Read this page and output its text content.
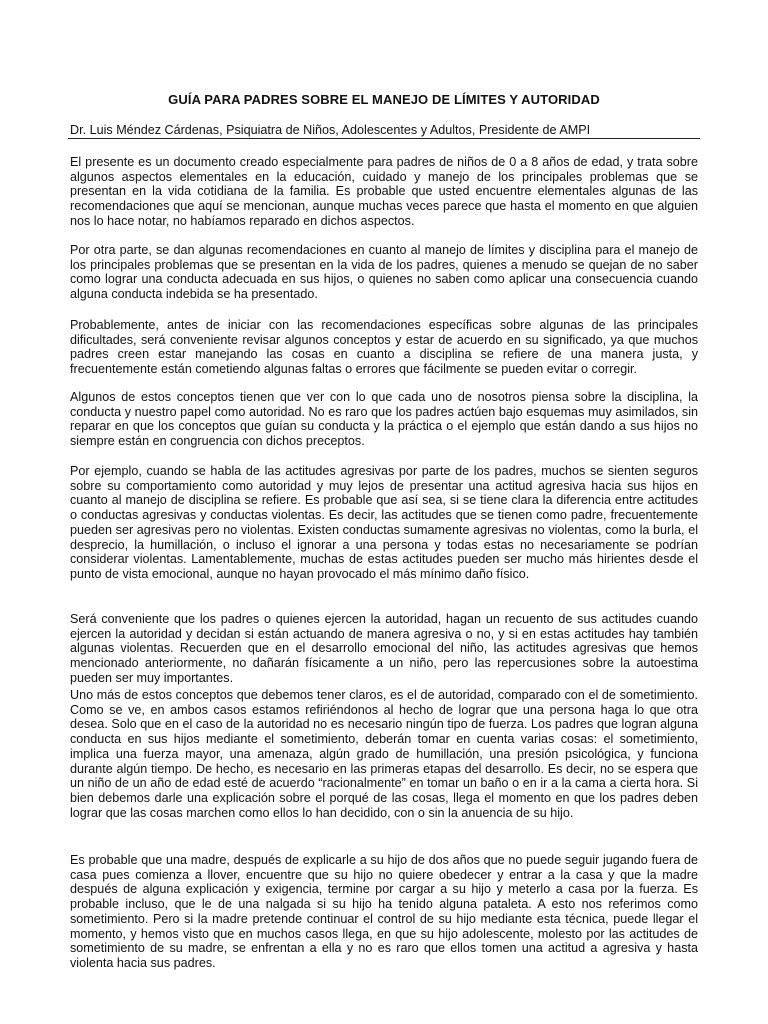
GUÍA PARA PADRES SOBRE EL MANEJO DE LÍMITES Y AUTORIDAD
Dr. Luis Méndez Cárdenas, Psiquiatra de Niños, Adolescentes y Adultos, Presidente de AMPI

El presente es un documento creado especialmente para padres de niños de 0 a 8 años de edad, y trata sobre algunos aspectos elementales en la educación, cuidado y manejo de los principales problemas que se presentan en la vida cotidiana de la familia. Es probable que usted encuentre elementales algunas de las recomendaciones que aquí se mencionan, aunque muchas veces parece que hasta el momento en que alguien nos lo hace notar, no habíamos reparado en dichos aspectos.

Por otra parte, se dan algunas recomendaciones en cuanto al manejo de límites y disciplina para el manejo de los principales problemas que se presentan en la vida de los padres, quienes a menudo se quejan de no saber como lograr una conducta adecuada en sus hijos, o quienes no saben como aplicar una consecuencia cuando alguna conducta indebida se ha presentado.

Probablemente, antes de iniciar con las recomendaciones específicas sobre algunas de las principales dificultades, será conveniente revisar algunos conceptos y estar de acuerdo en su significado, ya que muchos padres creen estar manejando las cosas en cuanto a disciplina se refiere de una manera justa, y frecuentemente están cometiendo algunas faltas o errores que fácilmente se pueden evitar o corregir.

Algunos de estos conceptos tienen que ver con lo que cada uno de nosotros piensa sobre la disciplina, la conducta y nuestro papel como autoridad. No es raro que los padres actúen bajo esquemas muy asimilados, sin reparar en que los conceptos que guían su conducta y la práctica o el ejemplo que están dando a sus hijos no siempre están en congruencia con dichos preceptos.

Por ejemplo, cuando se habla de las actitudes agresivas por parte de los padres, muchos se sienten seguros sobre su comportamiento como autoridad y muy lejos de presentar una actitud agresiva hacia sus hijos en cuanto al manejo de disciplina se refiere. Es probable que así sea, si se tiene clara la diferencia entre actitudes o conductas agresivas y conductas violentas. Es decir, las actitudes que se tienen como padre, frecuentemente pueden ser agresivas pero no violentas. Existen conductas sumamente agresivas no violentas, como la burla, el desprecio, la humillación, o incluso el ignorar a una persona y todas estas no necesariamente se podrían considerar violentas. Lamentablemente, muchas de estas actitudes pueden ser mucho más hirientes desde el punto de vista emocional, aunque no hayan provocado el más mínimo daño físico.

Será conveniente que los padres o quienes ejercen la autoridad, hagan un recuento de sus actitudes cuando ejercen la autoridad y decidan si están actuando de manera agresiva o no, y si en estas actitudes hay también algunas violentas. Recuerden que en el desarrollo emocional del niño, las actitudes agresivas que hemos mencionado anteriormente, no dañarán físicamente a un niño, pero las repercusiones sobre la autoestima pueden ser muy importantes.

Uno más de estos conceptos que debemos tener claros, es el de autoridad, comparado con el de sometimiento. Como se ve, en ambos casos estamos refiriéndonos al hecho de lograr que una persona haga lo que otra desea. Solo que en el caso de la autoridad no es necesario ningún tipo de fuerza. Los padres que logran alguna conducta en sus hijos mediante el sometimiento, deberán tomar en cuenta varias cosas: el sometimiento, implica una fuerza mayor, una amenaza, algún grado de humillación, una presión psicológica, y funciona durante algún tiempo. De hecho, es necesario en las primeras etapas del desarrollo. Es decir, no se espera que un niño de un año de edad esté de acuerdo “racionalmente” en tomar un baño o en ir a la cama a cierta hora. Si bien debemos darle una explicación sobre el porqué de las cosas, llega el momento en que los padres deben lograr que las cosas marchen como ellos lo han decidido, con o sin la anuencia de su hijo.

Es probable que una madre, después de explicarle a su hijo de dos años que no puede seguir jugando fuera de casa pues comienza a llover, encuentre que su hijo no quiere obedecer y entrar a la casa y que la madre después de alguna explicación y exigencia, termine por cargar a su hijo y meterlo a casa por la fuerza. Es probable incluso, que le de una nalgada si su hijo ha tenido alguna pataleta. A esto nos referimos como sometimiento. Pero si la madre pretende continuar el control de su hijo mediante esta técnica, puede llegar el momento, y hemos visto que en muchos casos llega, en que su hijo adolescente, molesto por las actitudes de sometimiento de su madre, se enfrentan a ella y no es raro que ellos tomen una actitud a agresiva y hasta violenta hacia sus padres.
